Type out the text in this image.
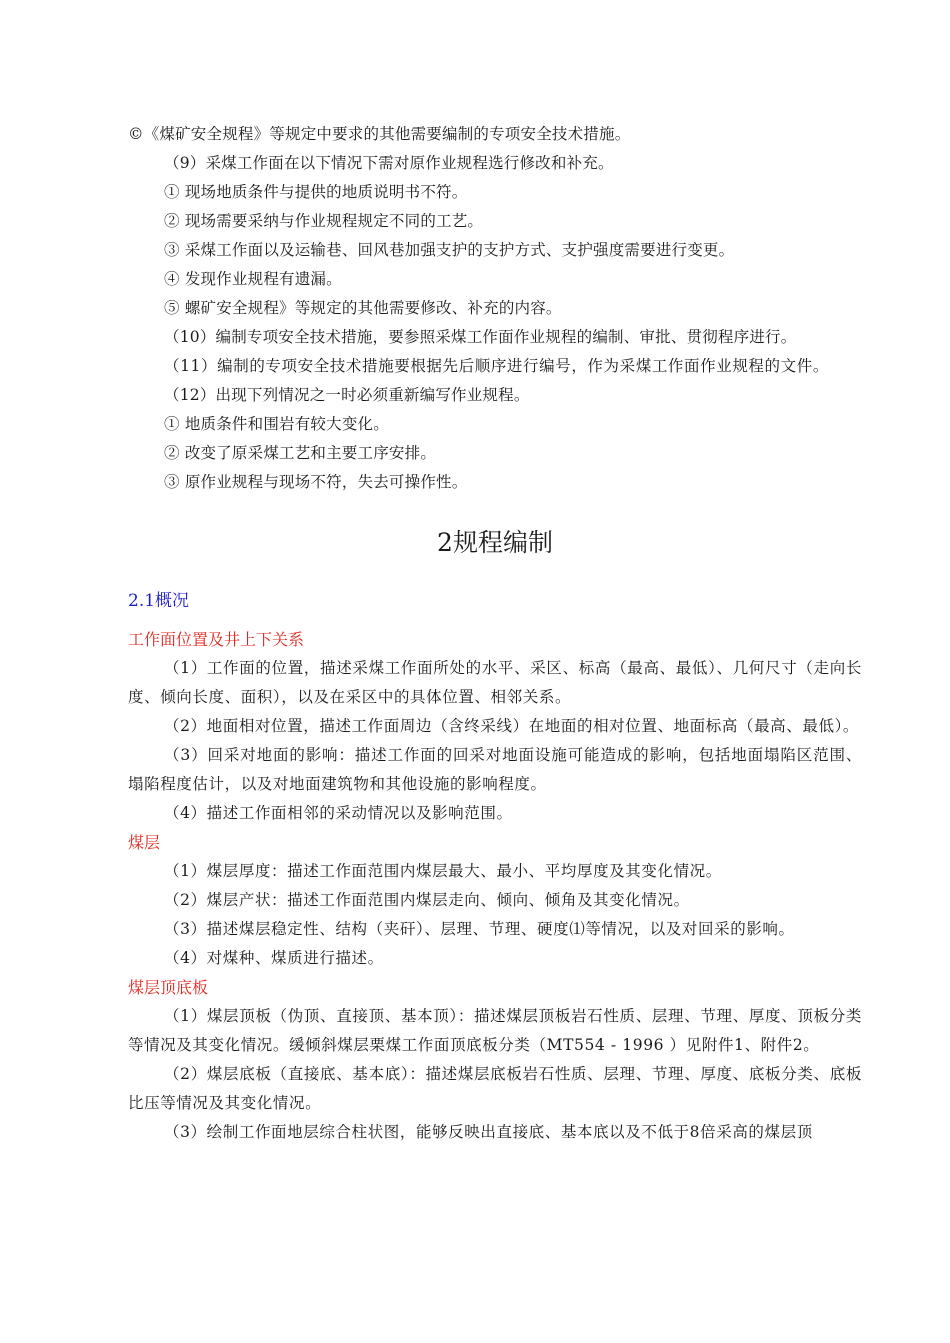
©《煤矿安全规程》等规定中要求的其他需要编制的专项安全技术措施。
（9）采煤工作面在以下情况下需对原作业规程选行修改和补充。
① 现场地质条件与提供的地质说明书不符。
② 现场需要采纳与作业规程规定不同的工艺。
③ 采煤工作面以及运输巷、回风巷加强支护的支护方式、支护强度需要进行变更。
④ 发现作业规程有遗漏。
⑤ 螺矿安全规程》等规定的其他需要修改、补充的内容。
（10）编制专项安全技术措施，要参照采煤工作面作业规程的编制、审批、贯彻程序进行。
（11）编制的专项安全技术措施要根据先后顺序进行编号，作为采煤工作面作业规程的文件。
（12）出现下列情况之一时必须重新编写作业规程。
① 地质条件和围岩有较大变化。
② 改变了原采煤工艺和主要工序安排。
③ 原作业规程与现场不符，失去可操作性。
2规程编制
2.1概况
工作面位置及井上下关系
（1）工作面的位置，描述采煤工作面所处的水平、采区、标高（最高、最低）、几何尺寸（走向长度、倾向长度、面积），以及在采区中的具体位置、相邻关系。
（2）地面相对位置，描述工作面周边（含终采线）在地面的相对位置、地面标高（最高、最低）。
（3）回采对地面的影响：描述工作面的回采对地面设施可能造成的影响，包括地面塌陷区范围、塌陷程度估计，以及对地面建筑物和其他设施的影响程度。
（4）描述工作面相邻的采动情况以及影响范围。
煤层
（1）煤层厚度：描述工作面范围内煤层最大、最小、平均厚度及其变化情况。
（2）煤层产状：描述工作面范围内煤层走向、倾向、倾角及其变化情况。
（3）描述煤层稳定性、结构（夹矸）、层理、节理、硬度⑴等情况，以及对回采的影响。
（4）对煤种、煤质进行描述。
煤层顶底板
（1）煤层顶板（伪顶、直接顶、基本顶）：描述煤层顶板岩石性质、层理、节理、厚度、顶板分类等情况及其变化情况。缓倾斜煤层栗煤工作面顶底板分类（MT554 - 1996 ）见附件1、附件2。
（2）煤层底板（直接底、基本底）：描述煤层底板岩石性质、层理、节理、厚度、底板分类、底板比压等情况及其变化情况。
（3）绘制工作面地层综合柱状图，能够反映出直接底、基本底以及不低于8倍采高的煤层顶
